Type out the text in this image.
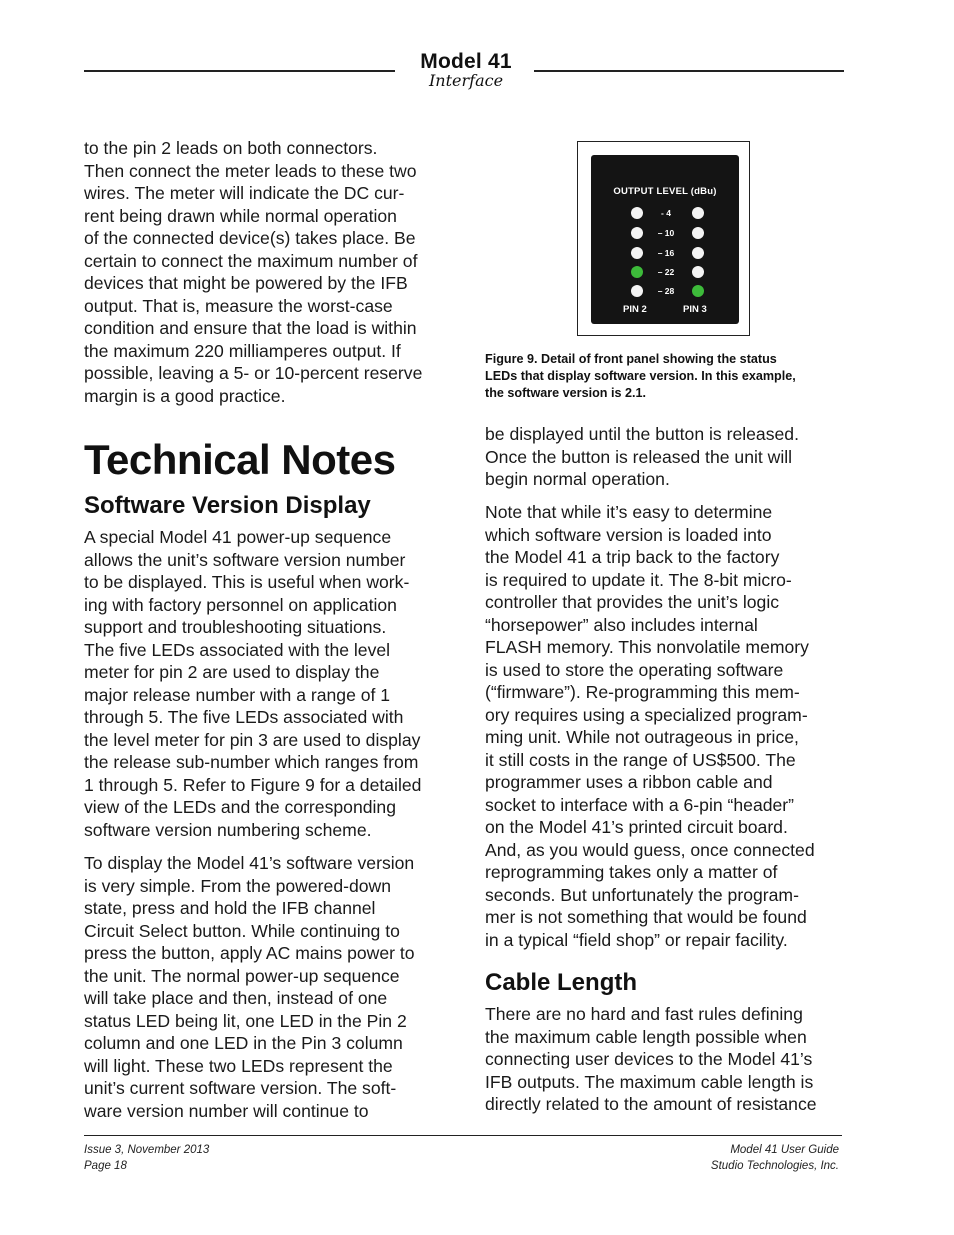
Model 41
Interface

to the pin 2 leads on both connectors.
Then connect the meter leads to these two
wires. The meter will indicate the DC cur-
rent being drawn while normal operation
of the connected device(s) takes place. Be
certain to connect the maximum number of
devices that might be powered by the IFB
output. That is, measure the worst-case
condition and ensure that the load is within
the maximum 220 milliamperes output. If
possible, leaving a 5- or 10-percent reserve
margin is a good practice.

Technical Notes
Software Version Display

A special Model 41 power-up sequence
allows the unit’s software version number
to be displayed. This is useful when work-
ing with factory personnel on application
support and troubleshooting situations.
The five LEDs associated with the level
meter for pin 2 are used to display the
major release number with a range of 1
through 5. The five LEDs associated with
the level meter for pin 3 are used to display
the release sub-number which ranges from
1 through 5. Refer to Figure 9 for a detailed
view of the LEDs and the corresponding
software version numbering scheme.

To display the Model 41’s software version
is very simple. From the powered-down
state, press and hold the IFB channel
Circuit Select button. While continuing to
press the button, apply AC mains power to
the unit. The normal power-up sequence
will take place and then, instead of one
status LED being lit, one LED in the Pin 2
column and one LED in the Pin 3 column
will light. These two LEDs represent the
unit’s current software version. The soft-
ware version number will continue to

OUTPUT LEVEL (dBu)
- 4
– 10
– 16
– 22
– 28
PIN 2	PIN 3
Figure 9. Detail of front panel showing the status
LEDs that display software version. In this example,
the software version is 2.1.

be displayed until the button is released.
Once the button is released the unit will
begin normal operation.

Note that while it’s easy to determine
which software version is loaded into
the Model 41 a trip back to the factory
is required to update it. The 8-bit micro-
controller that provides the unit’s logic
“horsepower” also includes internal
FLASH memory. This nonvolatile memory
is used to store the operating software
(“firmware”). Re-programming this mem-
ory requires using a specialized program-
ming unit. While not outrageous in price,
it still costs in the range of US$500. The
programmer uses a ribbon cable and
socket to interface with a 6-pin “header”
on the Model 41’s printed circuit board.
And, as you would guess, once connected
reprogramming takes only a matter of
seconds. But unfortunately the program-
mer is not something that would be found
in a typical “field shop” or repair facility.

Cable Length

There are no hard and fast rules defining
the maximum cable length possible when
connecting user devices to the Model 41’s
IFB outputs. The maximum cable length is
directly related to the amount of resistance

Issue 3, November 2013
Page 18
Model 41 User Guide
Studio Technologies, Inc.
